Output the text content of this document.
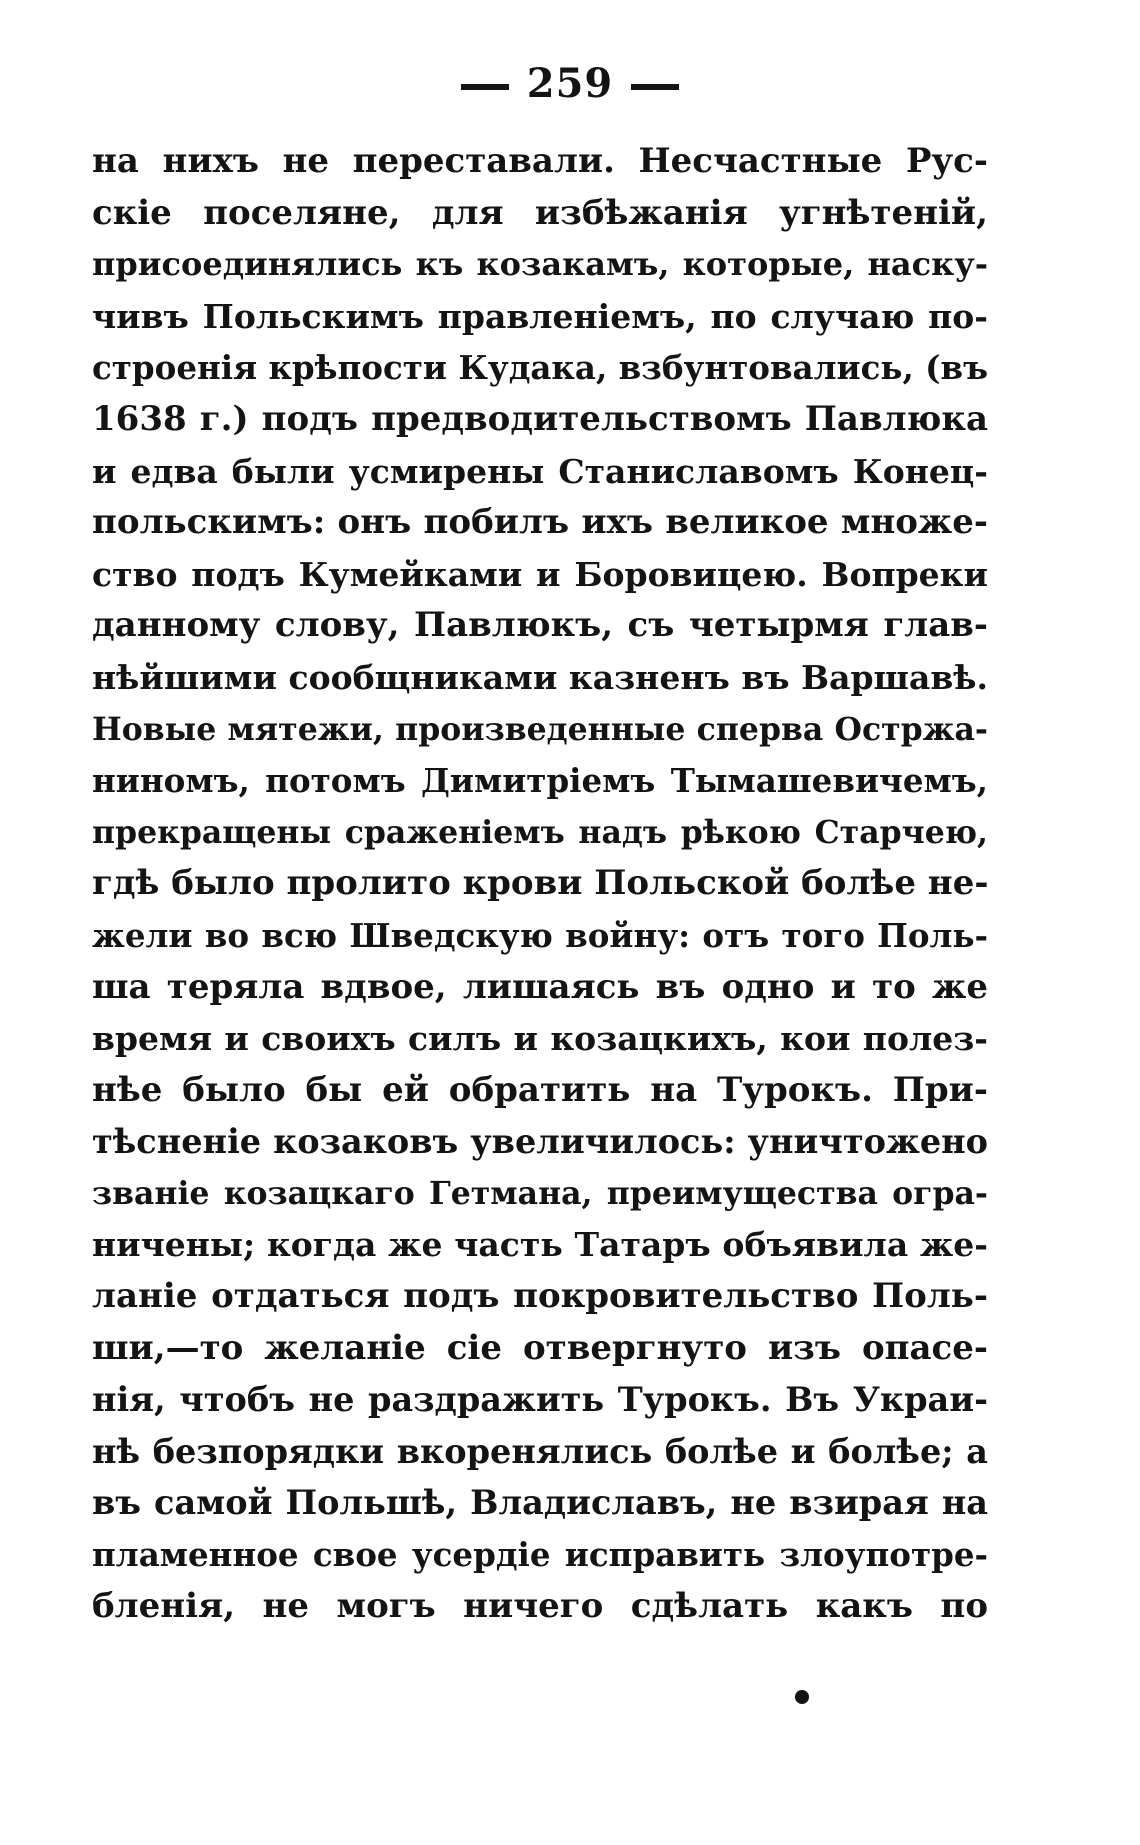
259
на нихъ не переставали. Несчастные Рус-
скіе поселяне, для избѣжанія угнѣтеній,
присоединялись къ козакамъ, которые, наску-
чивъ Польскимъ правленіемъ, по случаю по-
строенія крѣпости Кудака, взбунтовались, (въ
1638 г.) подъ предводительствомъ Павлюка
и едва были усмирены Станиславомъ Конец-
польскимъ: онъ побилъ ихъ великое множе-
ство подъ Кумейками и Боровицею. Вопреки
данному слову, Павлюкъ, съ четырмя глав-
нѣйшими сообщниками казненъ въ Варшавѣ.
Новые мятежи, произведенные сперва Остржа-
ниномъ, потомъ Димитріемъ Тымашевичемъ,
прекращены сраженіемъ надъ рѣкою Старчею,
гдѣ было пролито крови Польской болѣе не-
жели во всю Шведскую войну: отъ того Поль-
ша теряла вдвое, лишаясь въ одно и то же
время и своихъ силъ и козацкихъ, кои полез-
нѣе было бы ей обратить на Турокъ. При-
тѣсненіе козаковъ увеличилось: уничтожено
званіе козацкаго Гетмана, преимущества огра-
ничены; когда же часть Татаръ объявила же-
ланіе отдаться подъ покровительство Поль-
ши,—то желаніе сіе отвергнуто изъ опасе-
нія, чтобъ не раздражить Турокъ. Въ Украи-
нѣ безпорядки вкоренялись болѣе и болѣе; а
въ самой Польшѣ, Владиславъ, не взирая на
пламенное свое усердіе исправить злоупотре-
бленія, не могъ ничего сдѣлать какъ по
